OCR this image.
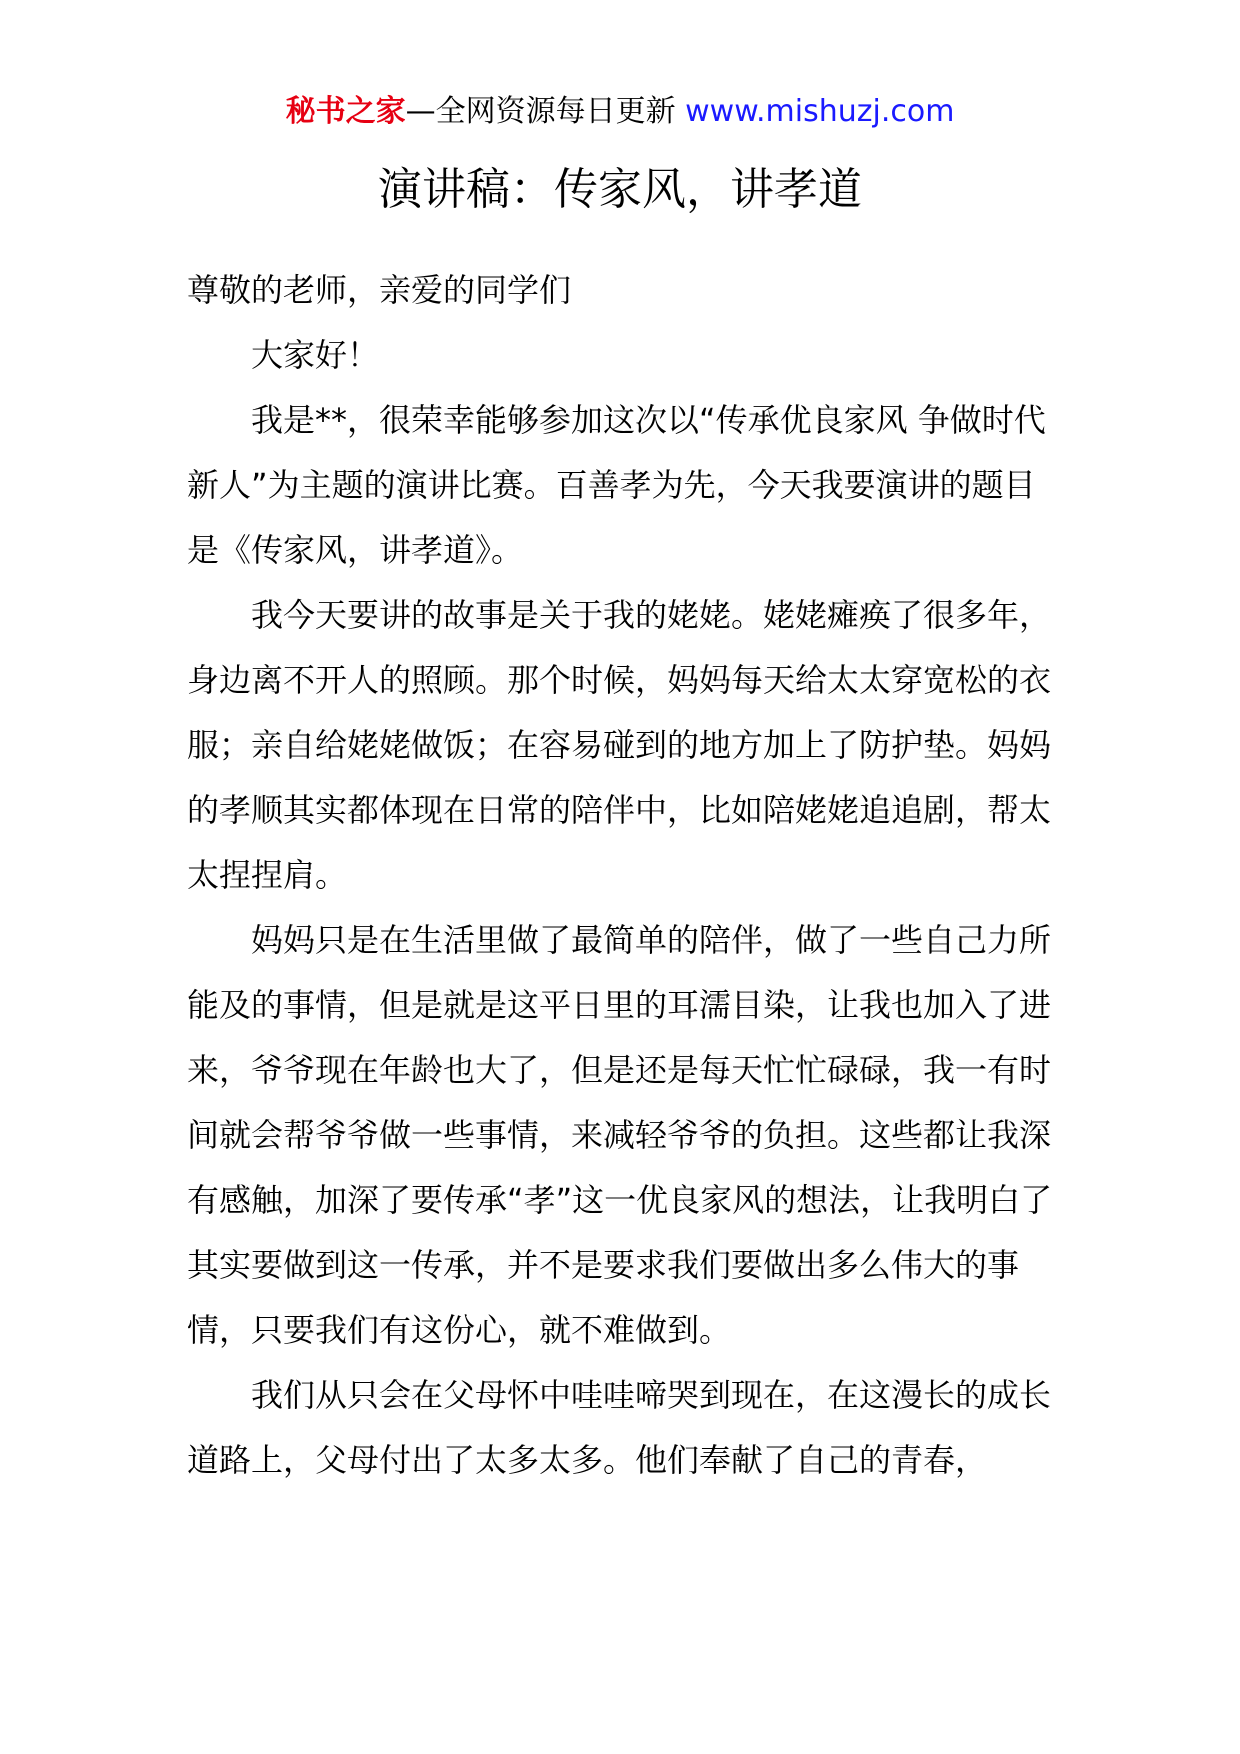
秘书之家—全网资源每日更新 www.mishuzj.com
演讲稿：传家风，讲孝道

尊敬的老师，亲爱的同学们

大家好！

我是**，很荣幸能够参加这次以“传承优良家风 争做时代新人”为主题的演讲比赛。百善孝为先，今天我要演讲的题目是《传家风，讲孝道》。

我今天要讲的故事是关于我的姥姥。姥姥瘫痪了很多年，身边离不开人的照顾。那个时候，妈妈每天给太太穿宽松的衣服；亲自给姥姥做饭；在容易碰到的地方加上了防护垫。妈妈的孝顺其实都体现在日常的陪伴中，比如陪姥姥追追剧，帮太太捏捏肩。

妈妈只是在生活里做了最简单的陪伴，做了一些自己力所能及的事情，但是就是这平日里的耳濡目染，让我也加入了进来，爷爷现在年龄也大了，但是还是每天忙忙碌碌，我一有时间就会帮爷爷做一些事情，来减轻爷爷的负担。这些都让我深有感触，加深了要传承“孝”这一优良家风的想法，让我明白了其实要做到这一传承，并不是要求我们要做出多么伟大的事情，只要我们有这份心，就不难做到。

我们从只会在父母怀中哇哇啼哭到现在，在这漫长的成长道路上，父母付出了太多太多。他们奉献了自己的青春，
